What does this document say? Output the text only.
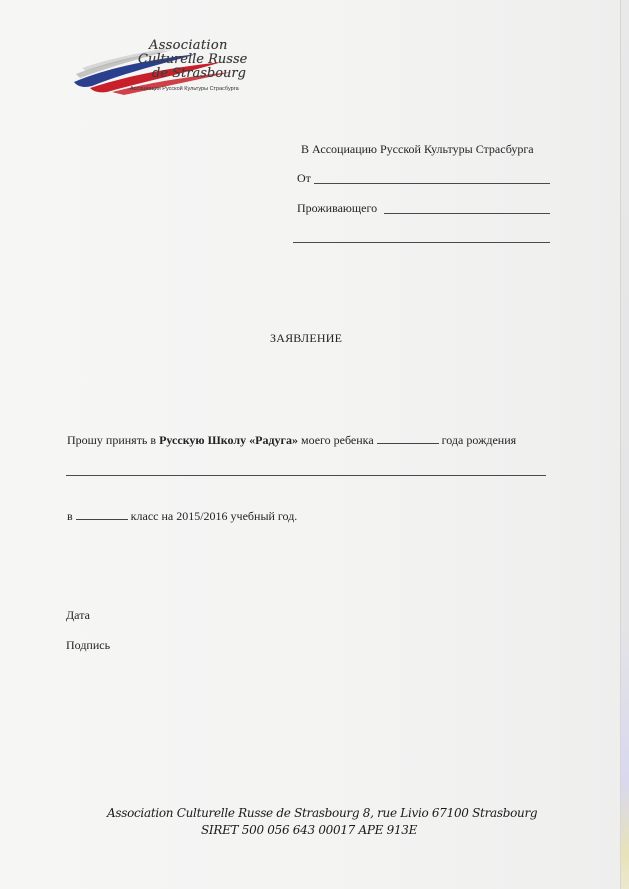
Association
Culturelle Russe
de Strasbourg
Ассоциация Русской Культуры Страсбурга
В Ассоциацию Русской Культуры Страсбурга
От
Проживающего
ЗАЯВЛЕНИЕ
Прошу принять в Русскую Школу «Радуга» моего ребенка	года рождения
в	класс на 2015/2016 учебный год.
Дата
Подпись
Association Culturelle Russe de Strasbourg 8, rue Livio 67100 Strasbourg
SIRET 500 056 643 00017 APE 913E
